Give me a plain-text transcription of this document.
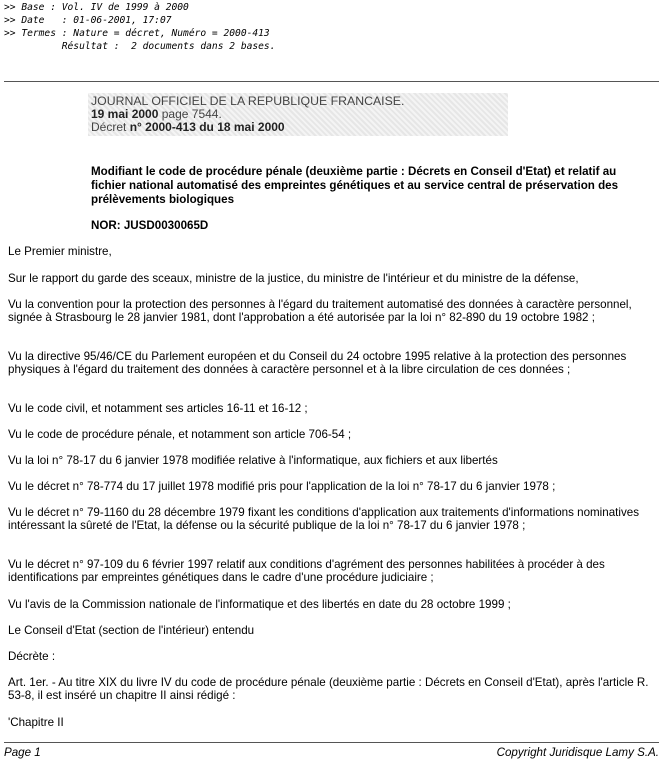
>> Base : Vol. IV de 1999 à 2000
>> Date   : 01-06-2001, 17:07
>> Termes : Nature = décret, Numéro = 2000-413
Résultat :  2 documents dans 2 bases.
JOURNAL OFFICIEL DE LA REPUBLIQUE FRANCAISE.
19 mai 2000 page 7544.
Décret n° 2000-413 du 18 mai 2000
Modifiant le code de procédure pénale (deuxième partie : Décrets en Conseil d'Etat) et relatif au fichier national automatisé des empreintes génétiques et au service central de préservation des prélèvements biologiques
NOR: JUSD0030065D
Le Premier ministre,
Sur le rapport du garde des sceaux, ministre de la justice, du ministre de l'intérieur et du ministre de la défense,
Vu la convention pour la protection des personnes à l'égard du traitement automatisé des données à caractère personnel, signée à Strasbourg le 28 janvier 1981, dont l'approbation a été autorisée par la loi n° 82-890 du 19 octobre 1982 ;
Vu la directive 95/46/CE du Parlement européen et du Conseil du 24 octobre 1995 relative à la protection des personnes physiques à l'égard du traitement des données à caractère personnel et à la libre circulation de ces données ;
Vu le code civil, et notamment ses articles 16-11 et 16-12 ;
Vu le code de procédure pénale, et notamment son article 706-54 ;
Vu la loi n° 78-17 du 6 janvier 1978 modifiée relative à l'informatique, aux fichiers et aux libertés
Vu le décret n° 78-774 du 17 juillet 1978 modifié pris pour l'application de la loi n° 78-17 du 6 janvier 1978 ;
Vu le décret n° 79-1160 du 28 décembre 1979 fixant les conditions d'application aux traitements d'informations nominatives intéressant la sûreté de l'Etat, la défense ou la sécurité publique de la loi n° 78-17 du 6 janvier 1978 ;
Vu le décret n° 97-109 du 6 février 1997 relatif aux conditions d'agrément des personnes habilitées à procéder à des identifications par empreintes génétiques dans le cadre d'une procédure judiciaire ;
Vu l'avis de la Commission nationale de l'informatique et des libertés en date du 28 octobre 1999 ;
Le Conseil d'Etat (section de l'intérieur) entendu
Décrète :
Art. 1er. - Au titre XIX du livre IV du code de procédure pénale (deuxième partie : Décrets en Conseil d'Etat), après l'article R. 53-8, il est inséré un chapitre II ainsi rédigé :
'Chapitre II
Page 1	Copyright Juridisque Lamy S.A.
